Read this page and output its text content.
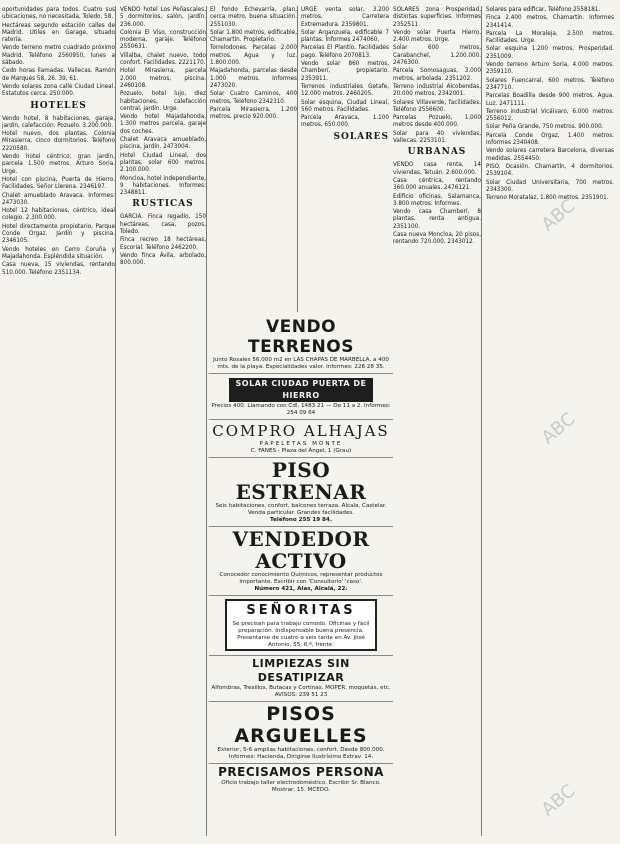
oportunidades para todos. Cuatro sus ubicaciones, no necesitada, Toledo, 58.

Hectáreas segundo estación calles de Madrid. Utiles en Garage, situado ratería.

Vendo terreno metro cuadrado próximo Madrid. Teléfono 2560950, lunes a sábado.

Cedo horas llamadas. Vallecas. Ramón de Marqués 58, 26. 39, 61.

Vendo solares zona calle Ciudad Lineal. Estatutos cerca. 250.000.

HOTELES

Vendo hotel, 8 habitaciones, garaje, jardín, calefacción. Pozuelo. 3.200.000.

Hotel nuevo, dos plantas, Colonia Mirasierra, cinco dormitorios. Teléfono 2220580.

Vendo hotel céntrico, gran jardín, parcela 1.500 metros. Arturo Soria. Urge.

Hotel con piscina, Puerta de Hierro. Facilidades. Señor Llerena. 2346197.

Chalet amueblado Aravaca. Informes: 2473030.

Hotel 12 habitaciones, céntrico, ideal colegio. 2.300.000.

Hotel directamente propietario, Parque Conde Orgaz. Jardín y piscina. 2346105.

Vendo hoteles en Cerro Coruña y Majadahonda. Espléndida situación.

Casa nueva, 15 viviendas, rentando 510.000. Teléfono 2351134.

VENDO hotel Los Peñascales, 5 dormitorios, salón, jardín. 236.000.

Colonia El Viso, construcción moderna, garaje. Teléfono 2550631.

Villalba, chalet nuevo, todo confort. Facilidades. 2221170.

Hotel Mirasierra, parcela 2.000 metros, piscina. 2460108.

Pozuelo, hotel lujo, diez habitaciones, calefacción central, jardín. Urge.

Vendo hotel Majadahonda, 1.300 metros parcela, garaje dos coches.

Chalet Aravaca amueblado, piscina, jardín. 2473004.

Hotel Ciudad Lineal, dos plantas, solar 600 metros. 2.100.000.

Moncloa, hotel independiente, 9 habitaciones. Informes: 2348811.

RUSTICAS

GARCIA. Finca regadío, 150 hectáreas, casa, pozos, Toledo.

Finca recreo 18 hectáreas, Escorial. Teléfono 2462200.

Vendo finca Ávila, arbolado, 800.000.

El fondo Echevarría, plan, cerca metro, buena situación. 2551030.

Solar 1.800 metros, edificable, Chamartín. Propietario.

Torrelodones. Parcelas 2.000 metros. Agua y luz. 1.800.000.

Majadahonda, parcelas desde 1.000 metros. Informes 2473020.

Solar Cuatro Caminos, 400 metros, Teléfono 2342310.

Parcela Mirasierra, 1.200 metros, precio 920.000.

URGE venta solar, 3.200 metros, Carretera Extremadura. 2359801.

Solar Arganzuela, edificable 7 plantas. Informes 2474060.

Parcelas El Plantío, facilidades pago. Teléfono 2070813.

Vendo solar 860 metros, Chamberí, propietario. 2353911.

Terrenos industriales Getafe, 12.000 metros. 2460205.

Solar esquina, Ciudad Lineal, 560 metros. Facilidades.

Parcela Aravaca, 1.100 metros, 650.000.

SOLARES

SOLARES zona Prosperidad, distintas superficies. Informes 2352511.

Vendo solar Puerta Hierro, 2.400 metros. Urge.

Solar 600 metros, Carabanchel, 1.200.000. 2476300.

Parcela Somosaguas, 3.000 metros, arbolada. 2351202.

Terreno industrial Alcobendas, 20.000 metros. 2342001.

Solares Villaverde, facilidades. Teléfono 2556600.

Parcelas Pozuelo, 1.000 metros desde 400.000.

Solar para 40 viviendas, Vallecas. 2253101.

URBANAS

VENDO casa renta, 14 viviendas, Tetuán. 2.600.000.

Casa céntrica, rentando 360.000 anuales. 2476121.

Edificio oficinas, Salamanca, 3.800 metros. Informes.

Vendo casa Chamberí, 8 plantas, renta antigua. 2351100.

Casa nueva Moncloa, 20 pisos, rentando 720.000. 2343012.

Solares para edificar, Teléfono 2558181.

Finca 2.400 metros, Chamartín. Informes 2341414.

Parcela La Moraleja, 2.500 metros. Facilidades. Urge.

Solar esquina 1.200 metros, Prosperidad. 2351009.

Vendo terreno Arturo Soria, 4.000 metros. 2359110.

Solares Fuencarral, 600 metros. Teléfono 2347710.

Parcelas Boadilla desde 900 metros. Agua. Luz. 2471111.

Terreno industrial Vicálvaro, 6.000 metros. 2556012.

Solar Peña Grande, 750 metros. 900.000.

Parcela Conde Orgaz, 1.400 metros. Informes 2340408.

Vendo solares carretera Barcelona, diversas medidas. 2554450.

PISO. Ocasión. Chamartín, 4 dormitorios. 2539104.

Solar Ciudad Universitaria, 700 metros. 2343300.

Terreno Moratalaz, 1.800 metros. 2351901.

VENDO TERRENOS
Junto Rosales 56.000 m2 en LAS CHAPAS DE MARBELLA, a 400 mts. de la playa. Especialidades valor. Informes: 226 28 35.
SOLAR CIUDAD PUERTA DE HIERRO
Precios 400. Llamando con Cdl. 1483 21 — De 11 a 2. Informes: 254 09 64
COMPRO ALHAJAS
PAPELETAS MONTE
C. FANES - Plaza del Ángel, 1 (Grau)
PISO ESTRENAR
Seis habitaciones, confort, balcones terraza. Alcala, Castelar. Venda particular. Grandes facilidades.
Teléfono 255 19 84.
VENDEDOR ACTIVO
Conocedor conocimiento Químicos, representar productos importante. Escribir con 'Consultorio' 'caso'.
Número 421, Alas, Alcalá, 22.
SEÑORITAS
Se precisan para trabajo cómodo. Oficinas y fácil preparación. Indispensable buena presencia. Presentarse de cuatro a seis tarde en Av. José Antonio, 55, 6.º, frente.
LIMPIEZAS SIN DESATIPIZAR
Alfombras, Tresillos, Butacas y Cortinas. MOPER. moquetas, etc. AVISOS: 239 51 23
PISOS ARGUELLES
Exterior, 5-6 amplias habitaciones, confort. Desde 800.000. Informes: Hacienda, Dirigirse Ilustrísimo Extrav. 14.
PRECISAMOS PERSONA
Oficio trabajo taller electrodoméstico. Escribir Sr. Blanco. Mostrar, 15. MCEDO.
ABC
ABC
ABC
